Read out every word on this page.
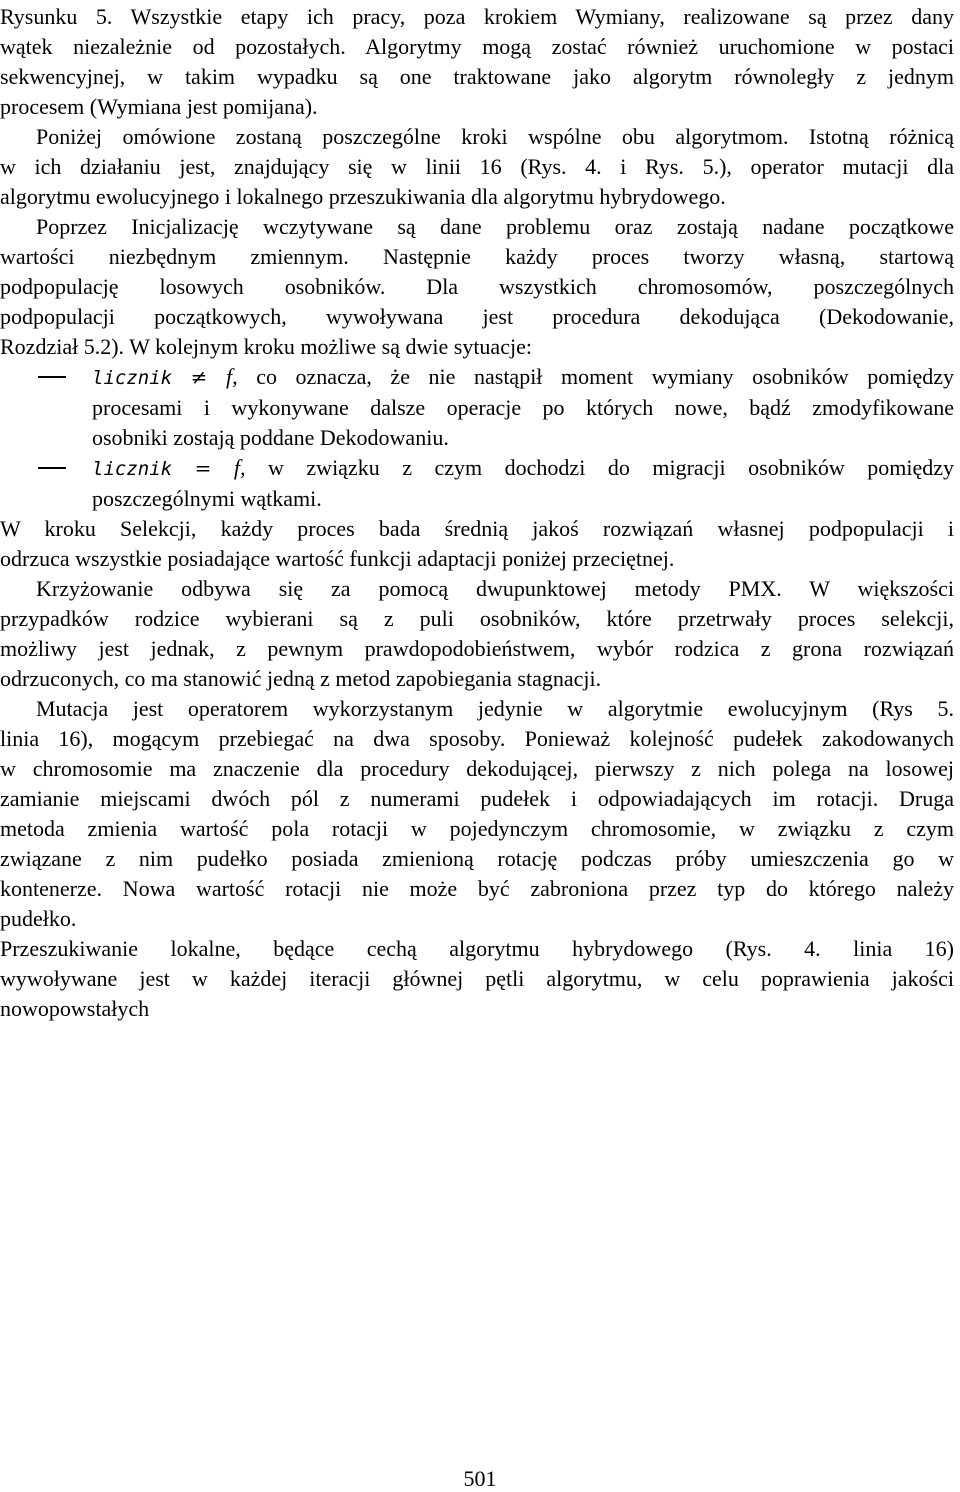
Rysunku 5. Wszystkie etapy ich pracy, poza krokiem Wymiany, realizowane są przez dany
wątek niezależnie od pozostałych. Algorytmy mogą zostać również uruchomione w postaci
sekwencyjnej, w takim wypadku są one traktowane jako algorytm równoległy z jednym
procesem (Wymiana jest pomijana).

Poniżej omówione zostaną poszczególne kroki wspólne obu algorytmom. Istotną różnicą
w ich działaniu jest, znajdujący się w linii 16 (Rys. 4. i Rys. 5.), operator mutacji dla
algorytmu ewolucyjnego i lokalnego przeszukiwania dla algorytmu hybrydowego.

Poprzez Inicjalizację wczytywane są dane problemu oraz zostają nadane początkowe
wartości niezbędnym zmiennym. Następnie każdy proces tworzy własną, startową
podpopulację losowych osobników. Dla wszystkich chromosomów, poszczególnych
podpopulacji początkowych, wywoływana jest procedura dekodująca (Dekodowanie,
Rozdział 5.2). W kolejnym kroku możliwe są dwie sytuacje:

licznik ≠ f, co oznacza, że nie nastąpił moment wymiany osobników pomiędzy
procesami i wykonywane dalsze operacje po których nowe, bądź zmodyfikowane
osobniki zostają poddane Dekodowaniu.
licznik = f, w związku z czym dochodzi do migracji osobników pomiędzy
poszczególnymi wątkami.

W kroku Selekcji, każdy proces bada średnią jakoś rozwiązań własnej podpopulacji i
odrzuca wszystkie posiadające wartość funkcji adaptacji poniżej przeciętnej.

Krzyżowanie odbywa się za pomocą dwupunktowej metody PMX. W większości
przypadków rodzice wybierani są z puli osobników, które przetrwały proces selekcji,
możliwy jest jednak, z pewnym prawdopodobieństwem, wybór rodzica z grona rozwiązań
odrzuconych, co ma stanowić jedną z metod zapobiegania stagnacji.

Mutacja jest operatorem wykorzystanym jedynie w algorytmie ewolucyjnym (Rys 5.
linia 16), mogącym przebiegać na dwa sposoby. Ponieważ kolejność pudełek zakodowanych
w chromosomie ma znaczenie dla procedury dekodującej, pierwszy z nich polega na losowej
zamianie miejscami dwóch pól z numerami pudełek i odpowiadających im rotacji. Druga
metoda zmienia wartość pola rotacji w pojedynczym chromosomie, w związku z czym
związane z nim pudełko posiada zmienioną rotację podczas próby umieszczenia go w
kontenerze. Nowa wartość rotacji nie może być zabroniona przez typ do którego należy
pudełko.

Przeszukiwanie lokalne, będące cechą algorytmu hybrydowego (Rys. 4. linia 16)
wywoływane jest w każdej iteracji głównej pętli algorytmu, w celu poprawienia jakości
nowopowstałych

501
